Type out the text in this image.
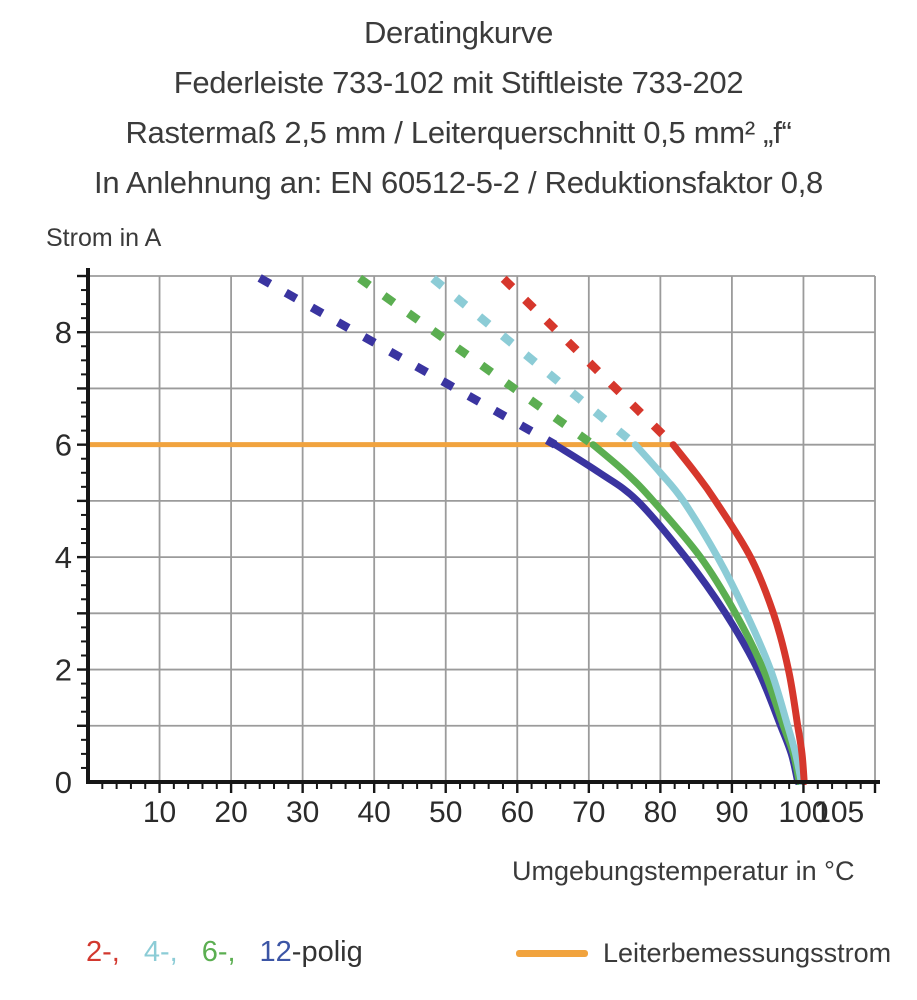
Deratingkurve
Federleiste 733-102 mit Stiftleiste 733-202
Rastermaß 2,5 mm / Leiterquerschnitt 0,5 mm² „f“
In Anlehnung an: EN 60512-5-2 / Reduktionsfaktor 0,8
Strom in A
10 20 30 40 50 60 70 80 90 100
105
0
2
4
6
8
Umgebungstemperatur in °C
2-, 4-, 6-, 12 -polig	Leiterbemessungsstrom
